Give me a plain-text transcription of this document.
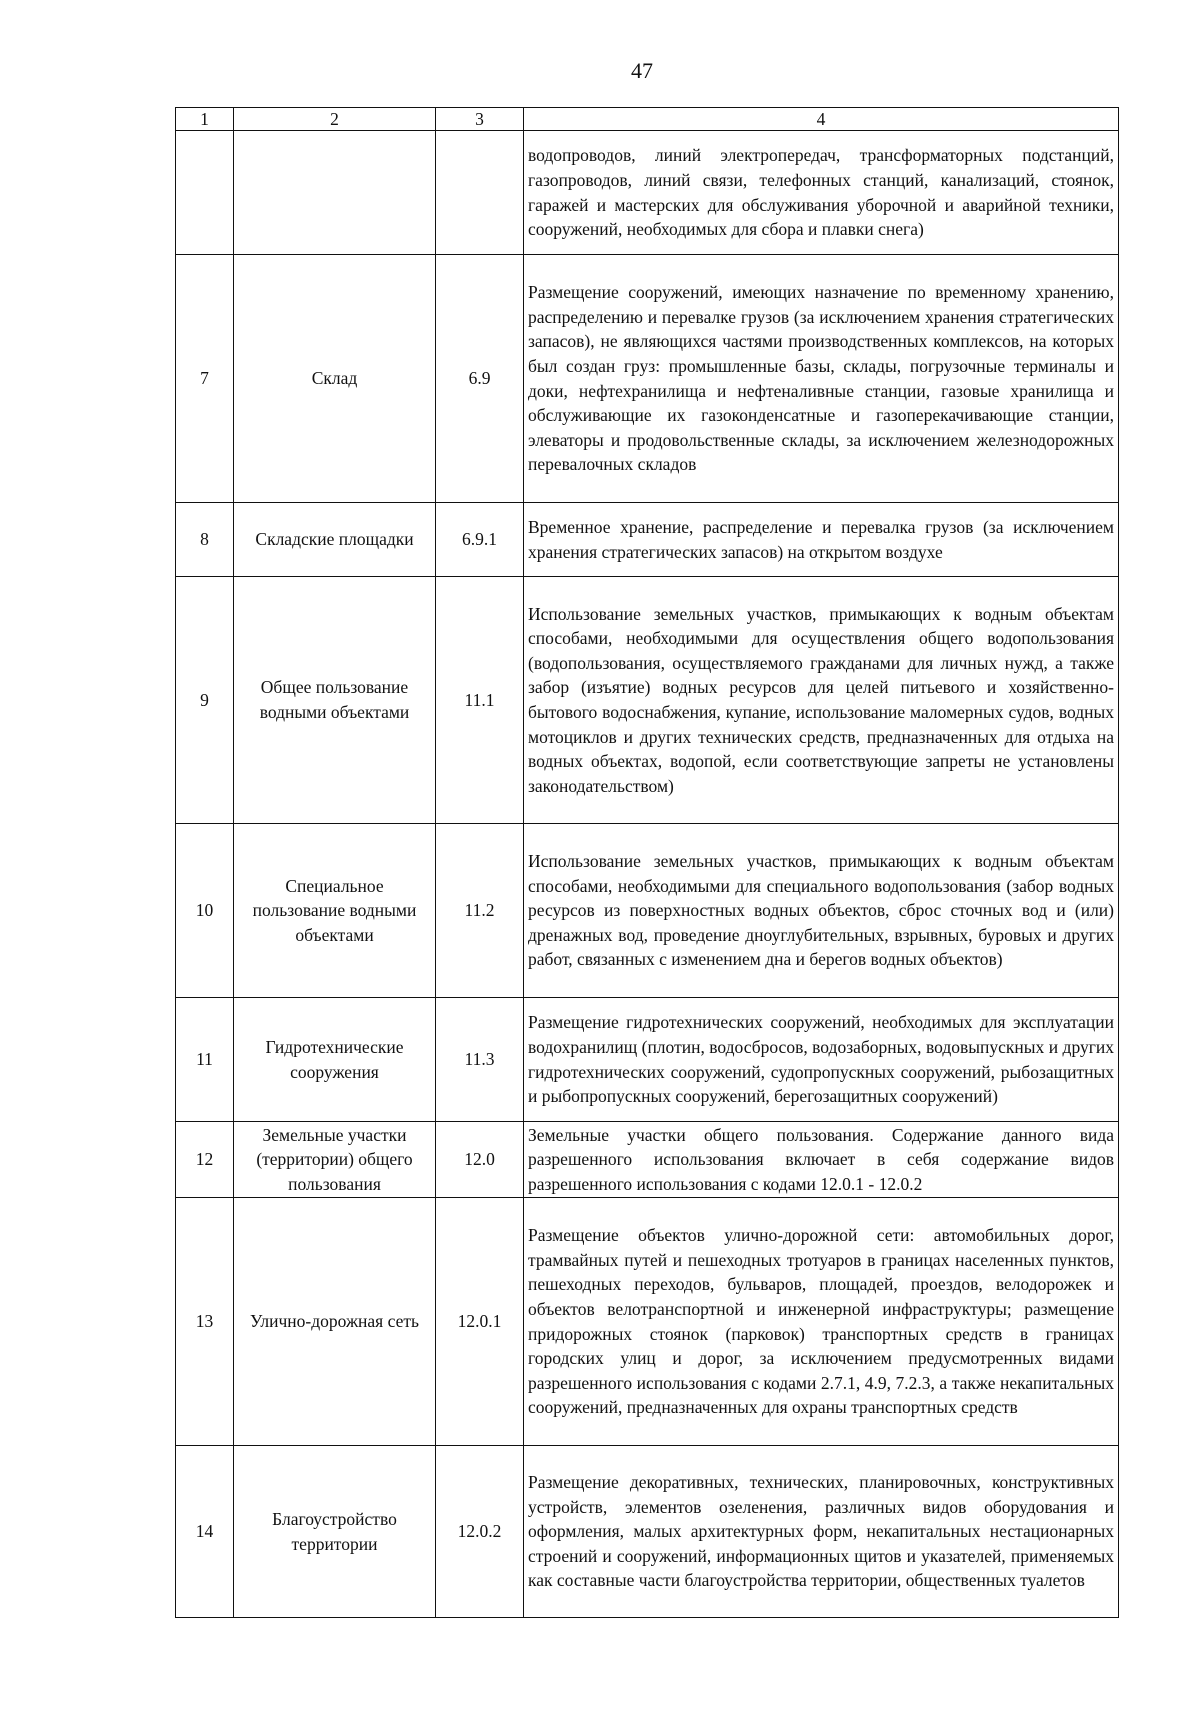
47
1	2	3	4
			водопроводов, линий электропередач, трансформаторных подстанций, газопроводов, линий связи, телефонных станций, канализаций, стоянок, гаражей и мастерских для обслуживания уборочной и аварийной техники, сооружений, необходимых для сбора и плавки снега)
7	Склад	6.9	Размещение сооружений, имеющих назначение по временному хранению, распределению и перевалке грузов (за исключением хранения стратегических запасов), не являющихся частями производственных комплексов, на которых был создан груз: промышленные базы, склады, погрузочные терминалы и доки, нефтехранилища и нефтеналивные станции, газовые хранилища и обслуживающие их газоконденсатные и газоперекачивающие станции, элеваторы и продовольственные склады, за исключением железнодорожных перевалочных складов
8	Складские площадки	6.9.1	Временное хранение, распределение и перевалка грузов (за исключением хранения стратегических запасов) на открытом воздухе
9	Общее пользование водными объектами	11.1	Использование земельных участков, примыкающих к водным объектам способами, необходимыми для осуществления общего водопользования (водопользования, осуществляемого гражданами для личных нужд, а также забор (изъятие) водных ресурсов для целей питьевого и хозяйственно-бытового водоснабжения, купание, использование маломерных судов, водных мотоциклов и других технических средств, предназначенных для отдыха на водных объектах, водопой, если соответствующие запреты не установлены законодательством)
10	Специальное пользование водными объектами	11.2	Использование земельных участков, примыкающих к водным объектам способами, необходимыми для специального водопользования (забор водных ресурсов из поверхностных водных объектов, сброс сточных вод и (или) дренажных вод, проведение дноуглубительных, взрывных, буровых и других работ, связанных с изменением дна и берегов водных объектов)
11	Гидротехнические сооружения	11.3	Размещение гидротехнических сооружений, необходимых для эксплуатации водохранилищ (плотин, водосбросов, водозаборных, водовыпускных и других гидротехнических сооружений, судопропускных сооружений, рыбозащитных и рыбопропускных сооружений, берегозащитных сооружений)
12	Земельные участки (территории) общего пользования	12.0	Земельные участки общего пользования. Содержание данного вида разрешенного использования включает в себя содержание видов разрешенного использования с кодами 12.0.1 - 12.0.2
13	Улично-дорожная сеть	12.0.1	Размещение объектов улично-дорожной сети: автомобильных дорог, трамвайных путей и пешеходных тротуаров в границах населенных пунктов, пешеходных переходов, бульваров, площадей, проездов, велодорожек и объектов велотранспортной и инженерной инфраструктуры; размещение придорожных стоянок (парковок) транспортных средств в границах городских улиц и дорог, за исключением предусмотренных видами разрешенного использования с кодами 2.7.1, 4.9, 7.2.3, а также некапитальных сооружений, предназначенных для охраны транспортных средств
14	Благоустройство территории	12.0.2	Размещение декоративных, технических, планировочных, конструктивных устройств, элементов озеленения, различных видов оборудования и оформления, малых архитектурных форм, некапитальных нестационарных строений и сооружений, информационных щитов и указателей, применяемых как составные части благоустройства территории, общественных туалетов
